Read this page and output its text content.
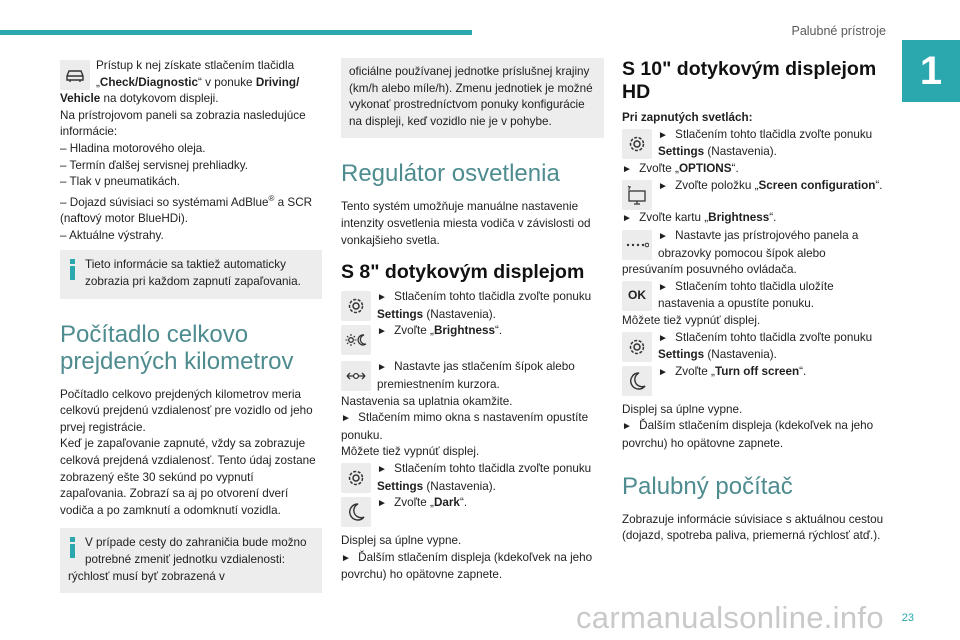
Palubné prístroje
1

Prístup k nej získate stlačením tlačidla „Check/Diagnostic“ v ponuke Driving/ Vehicle na dotykovom displeji.

Na prístrojovom paneli sa zobrazia nasledujúce informácie:

– Hladina motorového oleja.

– Termín ďalšej servisnej prehliadky.

– Tlak v pneumatikách.

– Dojazd súvisiaci so systémami AdBlue® a SCR (naftový motor BlueHDi).

– Aktuálne výstrahy.

Tieto informácie sa taktiež automaticky zobrazia pri každom zapnutí zapaľovania.
Počítadlo celkovo prejdených kilometrov

Počítadlo celkovo prejdených kilometrov meria celkovú prejdenú vzdialenosť pre vozidlo od jeho prvej registrácie.

Keď je zapaľovanie zapnuté, vždy sa zobrazuje celková prejdená vzdialenosť. Tento údaj zostane zobrazený ešte 30 sekúnd po vypnutí zapaľovania. Zobrazí sa aj po otvorení dverí vodiča a po zamknutí a odomknutí vozidla.

V prípade cesty do zahraničia bude možno potrebné zmeniť jednotku vzdialenosti: rýchlosť musí byť zobrazená v
oficiálne používanej jednotke príslušnej krajiny (km/h alebo míle/h). Zmenu jednotiek je možné vykonať prostredníctvom ponuky konfigurácie na displeji, keď vozidlo nie je v pohybe.
Regulátor osvetlenia

Tento systém umožňuje manuálne nastavenie intenzity osvetlenia miesta vodiča v závislosti od vonkajšieho svetla.

S 8" dotykovým displejom

► Stlačením tohto tlačidla zvoľte ponuku Settings (Nastavenia).

► Zvoľte „Brightness“.

► Nastavte jas stlačením šípok alebo premiestnením kurzora.

Nastavenia sa uplatnia okamžite.

► Stlačením mimo okna s nastavením opustíte ponuku.

Môžete tiež vypnúť displej.

► Stlačením tohto tlačidla zvoľte ponuku Settings (Nastavenia).

► Zvoľte „Dark“.

Displej sa úplne vypne.

► Ďalším stlačením displeja (kdekoľvek na jeho povrchu) ho opätovne zapnete.

S 10" dotykovým displejom HD

Pri zapnutých svetlách:

► Stlačením tohto tlačidla zvoľte ponuku Settings (Nastavenia).

► Zvoľte „OPTIONS“.

► Zvoľte položku „Screen configuration“.

► Zvoľte kartu „Brightness“.

► Nastavte jas prístrojového panela a obrazovky pomocou šípok alebo presúvaním posuvného ovládača.

OK

► Stlačením tohto tlačidla uložíte nastavenia a opustíte ponuku.

Môžete tiež vypnúť displej.

► Stlačením tohto tlačidla zvoľte ponuku Settings (Nastavenia).

► Zvoľte „Turn off screen“.

Displej sa úplne vypne.

► Ďalším stlačením displeja (kdekoľvek na jeho povrchu) ho opätovne zapnete.

Palubný počítač

Zobrazuje informácie súvisiace s aktuálnou cestou (dojazd, spotreba paliva, priemerná rýchlosť atď.).

carmanualsonline.info 23
